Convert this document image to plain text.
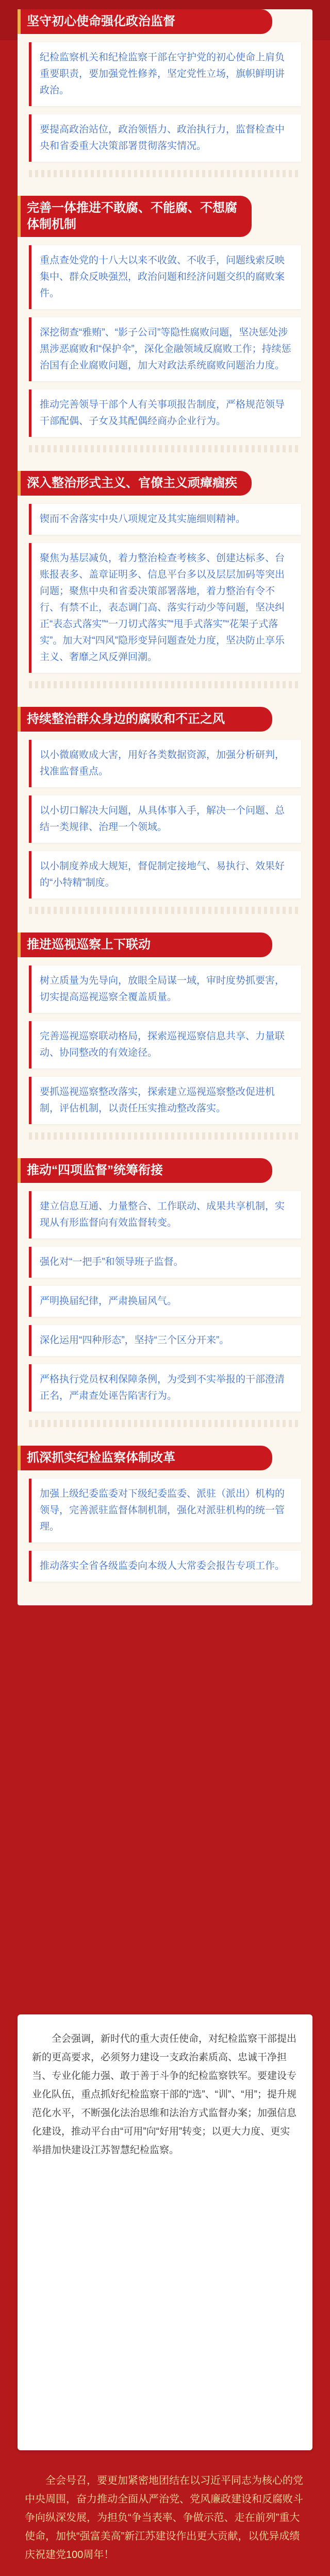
坚守初心使命强化政治监督
纪检监察机关和纪检监察干部在守护党的初心使命上肩负重要职责，要加强党性修养，坚定党性立场，旗帜鲜明讲政治。
要提高政治站位，政治领悟力、政治执行力，监督检查中央和省委重大决策部署贯彻落实情况。
完善一体推进不敢腐、不能腐、不想腐体制机制
重点查处党的十八大以来不收敛、不收手，问题线索反映集中、群众反映强烈，政治问题和经济问题交织的腐败案件。
深挖彻查“雅贿”、“影子公司”等隐性腐败问题，坚决惩处涉黑涉恶腐败和“保护伞”，深化金融领域反腐败工作；持续惩治国有企业腐败问题，加大对政法系统腐败问题治力度。
推动完善领导干部个人有关事项报告制度，严格规范领导干部配偶、子女及其配偶经商办企业行为。
深入整治形式主义、官僚主义顽瘴痼疾
锲而不舍落实中央八项规定及其实施细则精神。
聚焦为基层减负，着力整治检查考核多、创建达标多、台账报表多、盖章证明多、信息平台多以及层层加码等突出问题；聚焦中央和省委决策部署落地，着力整治有令不行、有禁不止，表态调门高、落实行动少等问题，坚决纠正“表态式落实”“一刀切式落实”“甩手式落实”“花架子式落实”。加大对“四风”隐形变异问题查处力度，坚决防止享乐主义、奢靡之风反弹回潮。
持续整治群众身边的腐败和不正之风
以小微腐败成大害，用好各类数据资源，加强分析研判，找准监督重点。
以小切口解决大问题，从具体事入手，解决一个问题、总结一类规律、治理一个领域。
以小制度养成大规矩，督促制定接地气、易执行、效果好的“小特精”制度。
推进巡视巡察上下联动
树立质量为先导向，放眼全局谋一域，审时度势抓要害，切实提高巡视巡察全覆盖质量。
完善巡视巡察联动格局，探索巡视巡察信息共享、力量联动、协同整改的有效途径。
要抓巡视巡察整改落实，探索建立巡视巡察整改促进机制，评估机制，以责任压实推动整改落实。
推动“四项监督”统筹衔接
建立信息互通、力量整合、工作联动、成果共享机制，实现从有形监督向有效监督转变。
强化对“一把手”和领导班子监督。
严明换届纪律，严肃换届风气。
深化运用“四种形态”，坚持“三个区分开来”。
严格执行党员权利保障条例，为受到不实举报的干部澄清正名，严肃查处诬告陷害行为。
抓深抓实纪检监察体制改革
加强上级纪委监委对下级纪委监委、派驻（派出）机构的领导，完善派驻监督体制机制，强化对派驻机构的统一管理。
推动落实全省各级监委向本级人大常委会报告专项工作。
全会强调，新时代的重大责任使命，对纪检监察干部提出新的更高要求，必须努力建设一支政治素质高、忠诚干净担当、专业化能力强、敢于善于斗争的纪检监察铁军。要建设专业化队伍，重点抓好纪检监察干部的“选”、“训”、“用”；提升规范化水平，不断强化法治思维和法治方式监督办案；加强信息化建设，推动平台由“可用”向“好用”转变；以更大力度、更实举措加快建设江苏智慧纪检监察。
全会号召，要更加紧密地团结在以习近平同志为核心的党中央周围，奋力推动全面从严治党、党风廉政建设和反腐败斗争向纵深发展，为担负“争当表率、争做示范、走在前列”重大使命，加快“强富美高”新江苏建设作出更大贡献，以优异成绩庆祝建党100周年！
